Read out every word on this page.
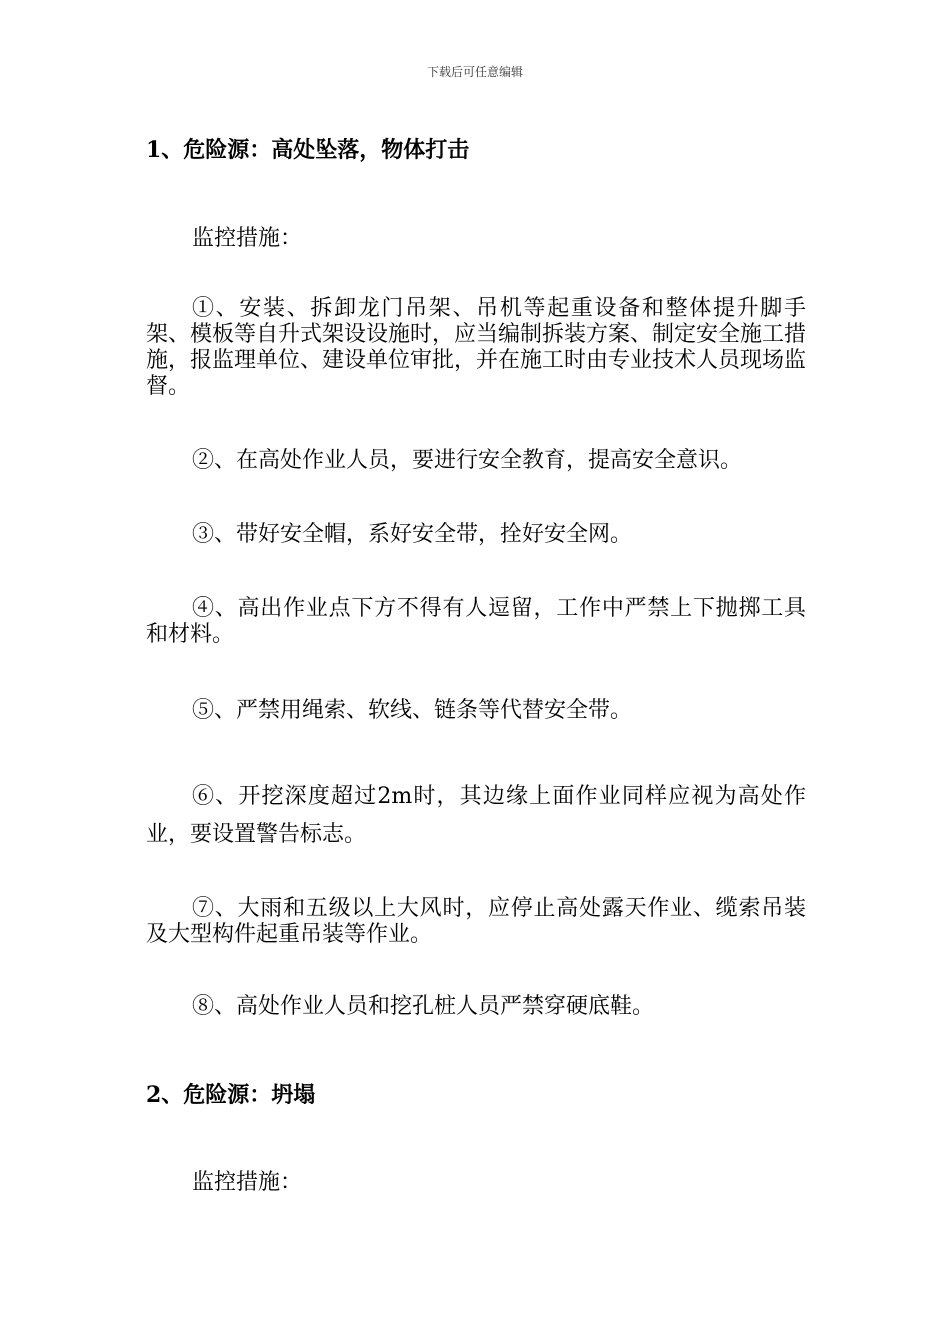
下载后可任意编辑
1、危险源：高处坠落，物体打击
监控措施：
①、安装、拆卸龙门吊架、吊机等起重设备和整体提升脚手架、模板等自升式架设设施时，应当编制拆装方案、制定安全施工措施，报监理单位、建设单位审批，并在施工时由专业技术人员现场监督。
②、在高处作业人员，要进行安全教育，提高安全意识。
③、带好安全帽，系好安全带，拴好安全网。
④、高出作业点下方不得有人逗留，工作中严禁上下抛掷工具和材料。
⑤、严禁用绳索、软线、链条等代替安全带。
⑥、开挖深度超过2m时，其边缘上面作业同样应视为高处作业，要设置警告标志。
⑦、大雨和五级以上大风时，应停止高处露天作业、缆索吊装及大型构件起重吊装等作业。
⑧、高处作业人员和挖孔桩人员严禁穿硬底鞋。
2、危险源：坍塌
监控措施：
